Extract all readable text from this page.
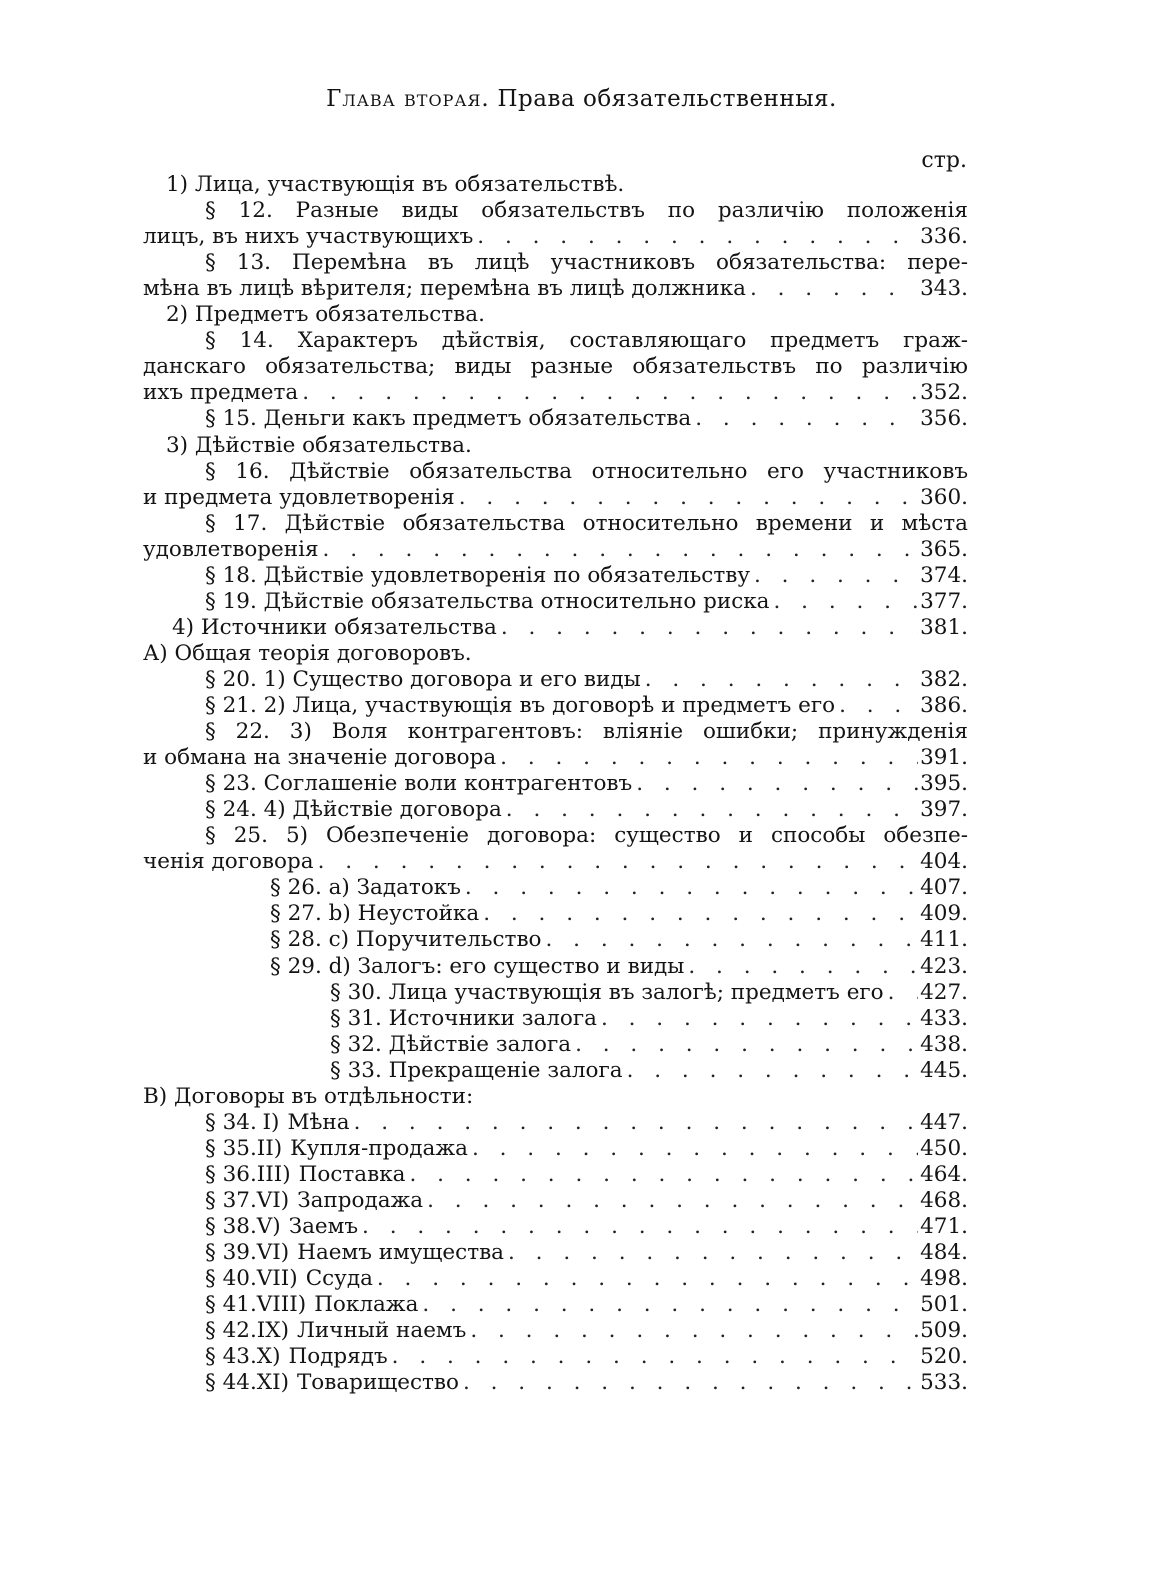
Глава вторая. Права обязательственныя.
стр.
1) Лица, участвующія въ обязательствѣ.
§ 12. Разные виды обязательствъ по различію положенія
лицъ, въ нихъ участвующихъ . . .	336.
§ 13. Перемѣна въ лицѣ участниковъ обязательства: пере-
мѣна въ лицѣ вѣрителя; перемѣна въ лицѣ должника . . .	343.
2) Предметъ обязательства.
§ 14. Характеръ дѣйствія, составляющаго предметъ граж-
данскаго обязательства; виды разные обязательствъ по различію
ихъ предмета . . .	352.
§ 15. Деньги какъ предметъ обязательства . . .	356.
3) Дѣйствіе обязательства.
§ 16. Дѣйствіе обязательства относительно его участниковъ
и предмета удовлетворенія . . .	360.
§ 17. Дѣйствіе обязательства относительно времени и мѣста
удовлетворенія . . .	365.
§ 18. Дѣйствіе удовлетворенія по обязательству . . .	374.
§ 19. Дѣйствіе обязательства относительно риска . . .	377.
4) Источники обязательства . . .	381.
А) Общая теорія договоровъ.
§ 20. 1) Существо договора и его виды . . .	382.
§ 21. 2) Лица, участвующія въ договорѣ и предметъ его . . .	386.
§ 22. 3) Воля контрагентовъ: вліяніе ошибки; принужденія
и обмана на значеніе договора . . .	391.
§ 23. Соглашеніе воли контрагентовъ . . .	395.
§ 24. 4) Дѣйствіе договора . . .	397.
§ 25. 5) Обезпеченіе договора: существо и способы обезпе-
ченія договора . . .	404.
§ 26. a) Задатокъ . . .	407.
§ 27. b) Неустойка . . .	409.
§ 28. c) Поручительство . . .	411.
§ 29. d) Залогъ: его существо и виды . . .	423.
§ 30. Лица участвующія въ залогѣ; предметъ его . . . 427.
§ 31. Источники залога . . .	433.
§ 32. Дѣйствіе залога . . .	438.
§ 33. Прекращеніе залога . . .	445.
В) Договоры въ отдѣльности:
§ 34. I) Мѣна . . .	447.
§ 35. II) Купля-продажа . . .	450.
§ 36. III) Поставка . . .	464.
§ 37. VI) Запродажа . . .	468.
§ 38. V) Заемъ . . .	471.
§ 39. VI) Наемъ имущества . . .	484.
§ 40. VII) Ссуда . . .	498.
§ 41. VIII) Поклажа . . .	501.
§ 42. IX) Личный наемъ . . .	509.
§ 43. X) Подрядъ . . .	520.
§ 44. XI) Товарищество . . .	533.
